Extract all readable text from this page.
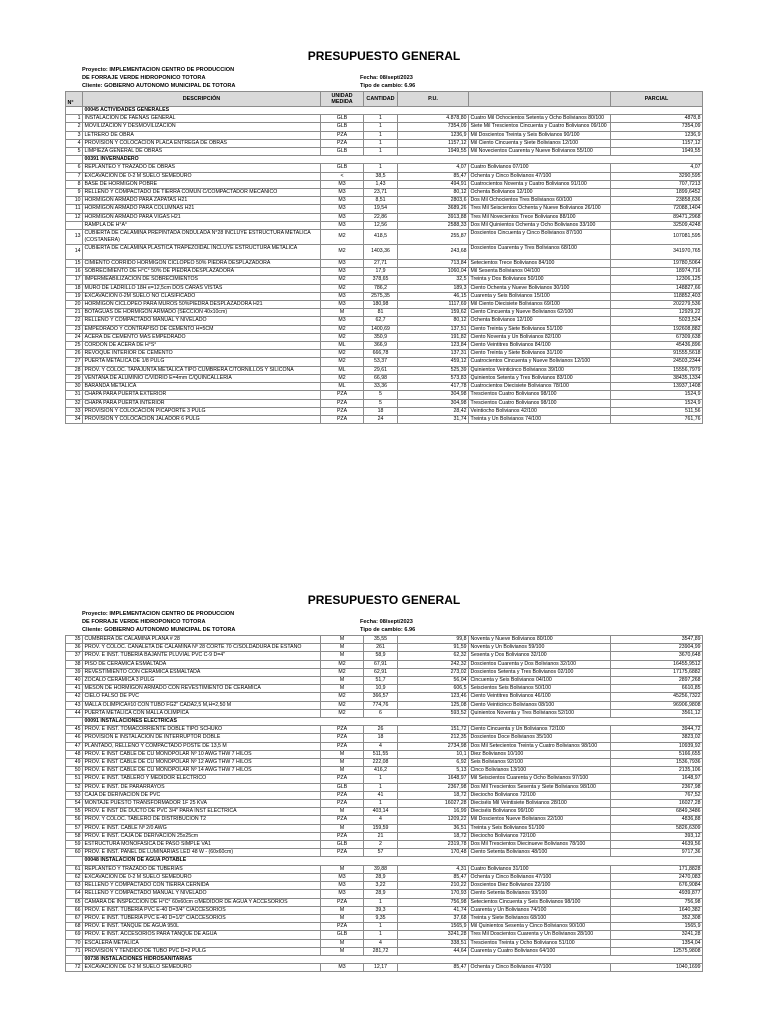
PRESUPUESTO GENERAL
Proyecto: IMPLEMENTACION CENTRO DE PRODUCCION
DE FORRAJE VERDE HIDROPONICO TOTORA
Cliente: GOBIERNO AUTONOMO MUNICIPAL DE TOTORA
Fecha: 08/sept/2023
Tipo de cambio: 6.96
N°	DESCRIPCIÓN	UNIDAD MEDIDA	CANTIDAD	P.U.		PARCIAL
	00045 ACTIVIDADES GENERALES					
1	INSTALACION DE FAENAS GENERAL	GLB	1	4.878,80	Cuatro Mil Ochocientos Setenta y Ocho Bolivianos 80/100	4878,8
2	MOVILIZACION Y DESMOVILIZACION	GLB	1	7354,09	Siete Mil Trescientos Cincuenta y Cuatro Bolivianos 09/100	7354,09
3	LETRERO DE OBRA	PZA	1	1236,9	Mil Doscientos Treinta y Seis Bolivianos 90/100	1236,9
4	PROVISION Y COLOCACION PLACA ENTREGA DE OBRAS	PZA	1	1157,12	Mil Ciento Cincuenta y Siete Bolivianos 12/100	1157,12
5	LIMPIEZA GENERAL DE OBRAS	GLB	1	1949,55	Mil Novecientos Cuarenta y Nueve Bolivianos 55/100	1949,55
	00391 INVERNADERO					
6	REPLANTEO Y TRAZADO DE OBRAS	GLB	1	4,07	Cuatro Bolivianos 07/100	4,07
7	EXCAVACION DE 0-2 M SUELO SEMEDURO	<	38,5	85,47	Ochenta y Cinco Bolivianos 47/100	3290,595
8	BASE DE HORMIGON POBRE	M3	1,43	494,91	Cuatrocientos Noventa y Cuatro Bolivianos 91/100	707,7213
9	RELLENO Y COMPACTADO DE TIERRA COMUN C/COMPACTADOR MECANICO	M3	23,71	80,12	Ochenta Bolivianos 12/100	1899,6452
10	HORMIGON ARMADO PARA ZAPATAS H21	M3	8,51	2803,6	Dos Mil Ochocientos Tres Bolivianos 60/100	23858,636
11	HORMIGON ARMADO PARA COLUMNAS H21	M3	19,54	3689,26	Tres Mil Seiscientos Ochenta y Nueve Bolivianos 26/100	72088,1404
12	HORMIGON ARMADO PARA VIGAS H21	M3	22,86	3913,88	Tres Mil Novecientos Trece Bolivianos 88/100	89471,2968
	RAMPLA DE H°A°	M3	12,56	2588,33	Dos Mil Quinientos Ochenta y Ocho Bolivianos 33/100	32509,4248
13	CUBIERTA DE CALAMINA PREPINTADA ONDULADA N°28 INCLUYE ESTRUCTURA METALICA (COSTANERA)	M2	418,5	255,87	Doscientos Cincuenta y Cinco Bolivianos 87/100	107081,595
14	CUBIERTA DE CALAMINA PLASTICA TRAPEZOIDAL INCLUYE ESTRUCTURA METALICA	M2	1403,36	243,68	Doscientos Cuarenta y Tres Bolivianos 68/100	341970,765
15	CIMIENTO CORRIDO HORMIGON CICLOPEO 50% PIEDRA DESPLAZADORA	M3	27,71	713,84	Setecientos Trece Bolivianos 84/100	19780,5064
16	SOBRECIMIENTO DE H°C° 50% DE PIEDRA DESPLAZADORA	M3	17,9	1060,04	Mil Sesenta Bolivianos 04/100	18974,716
17	IMPERMEABILIZACION DE SOBRECIMIENTOS	M2	378,65	32,5	Treinta y Dos Bolivianos 50/100	12306,125
18	MURO DE LADRILLO 18H e=12,5cm DOS CARAS VISTAS	M2	786,2	189,3	Ciento Ochenta y Nueve Bolivianos 30/100	148827,66
19	EXCAVACION 0-2M SUELO NO CLASIFICADO	M3	2575,35	46,15	Cuarenta y Seis Bolivianos 15/100	118852,403
20	HORMIGON CICLOPEO PARA MUROS 50%PIEDRA DESPLAZADORA H21	M3	180,98	1117,69	Mil Ciento Diecisiete Bolivianos 69/100	202279,536
21	BOTAGUAS DE HORMIGON ARMADO (SECCION 40x10cm)	M	81	159,62	Ciento Cincuenta y Nueve Bolivianos 62/100	12929,22
22	RELLENO Y COMPACTADO MANUAL Y NIVELADO	M3	62,7	80,12	Ochenta Bolivianos 12/100	5023,524
23	EMPEDRADO Y CONTRAPISO DE CEMENTO H=5CM	M2	1400,69	137,51	Ciento Treinta y Siete Bolivianos 51/100	192608,882
24	ACERA DE CEMENTO MAS EMPEDRADO	M2	350,9	191,82	Ciento Noventa y Un Bolivianos 82/100	67309,638
25	CORDON DE ACERA DE H°S°	ML	366,9	123,84	Ciento Veintitres Bolivianos 84/100	45436,896
26	REVOQUE INTERIOR DE CEMENTO	M2	666,78	137,31	Ciento Treinta y Siete Bolivianos 31/100	91555,5618
27	PUERTA METALICA DE 1/8 PULG	M2	53,37	459,12	Cuatrocientos Cincuenta y Nueve Bolivianos 12/100	24503,2344
28	PROV. Y COLOC. TAPAJUNTA METALICA TIPO CUMBRERA C/TORNILLOS Y SILICONA	ML	29,61	525,39	Quinientos Veinticinco Bolivianos 39/100	15556,7979
29	VENTANA DE ALUMINIO C/VIDRIO E=4mm C/QUINCALLERIA	M2	66,98	573,83	Quinientos Setenta y Tres Bolivianos 83/100	38435,1334
30	BARANDA METALICA	ML	33,36	417,78	Cuatrocientos Diecisiete Bolivianos 78/100	13937,1408
31	CHAPA PARA PUERTA EXTERIOR	PZA	5	304,98	Trescientos Cuatro Bolivianos 98/100	1524,9
32	CHAPA PARA PUERTA INTERIOR	PZA	5	304,98	Trescientos Cuatro Bolivianos 98/100	1524,9
33	PROVISION Y COLOCACION PICAPORTE 3 PULG	PZA	18	28,42	Veintiocho Bolivianos 42/100	511,56
34	PROVISION Y COLOCACION JALADOR 6 PULG	PZA	24	31,74	Treinta y Un Bolivianos 74/100	761,76
PRESUPUESTO GENERAL
Proyecto: IMPLEMENTACION CENTRO DE PRODUCCION
DE FORRAJE VERDE HIDROPONICO TOTORA
Cliente: GOBIERNO AUTONOMO MUNICIPAL DE TOTORA
Fecha: 08/sept/2023
Tipo de cambio: 6.96
35	CUMBRERA DE CALAMINA PLANA # 28	M	35,55	99,8	Noventa y Nueve Bolivianos 80/100	3547,89
36	PROV. Y COLOC. CANALETA DE CALAMINA Nº 28 CORTE 70 C/SOLDADURA DE ESTAÑO	M	261	91,59	Noventa y Un Bolivianos 59/100	23904,99
37	PROV. E INST. TUBERIA BAJANTE PLUVIAL PVC C-9 D=4"	M	58,9	62,32	Sesenta y Dos Bolivianos 32/100	3670,648
38	PISO DE CERAMICA ESMALTADA	M2	67,91	242,32	Doscientos Cuarenta y Dos Bolivianos 32/100	16455,9512
39	REVESTIMIENTO CON CERAMICA ESMALTADA	M2	62,91	273,02	Doscientos Setenta y Tres Bolivianos 02/100	17175,6882
40	ZOCALO CERAMICA 3 PULG	M	51,7	56,04	Cincuenta y Seis Bolivianos 04/100	2897,268
41	MESON DE HORMIGON ARMADO CON REVESTIMIENTO DE CERAMICA	M	10,9	606,5	Seiscientos Seis Bolivianos 50/100	6610,85
42	CIELO FALSO DE PVC	M2	366,57	123,46	Ciento Veintitres Bolivianos 46/100	45256,7322
43	MALLA OLIMPICA#10 CON TUBO FG2" CADA2,5 M,H=2,50 M	M2	774,76	125,08	Ciento Veinticinco Bolivianos 08/100	96906,9808
44	PUERTA METALICA CON MALLA OLIMPICA	M2	6	593,52	Quinientos Noventa y Tres Bolivianos 52/100	3561,12
	00091 INSTALACIONES ELECTRICAS					
45	PROV. E INST. TOMACORRIENTE DOBLE TIPO SCHUKO	PZA	26	151,72	Ciento Cincuenta y Un Bolivianos 72/100	3944,72
46	PROVISION E INSTALACION DE INTERRUPTOR DOBLE	PZA	18	212,35	Doscientos Doce Bolivianos 35/100	3823,02
47	PLANTADO, RELLENO Y COMPACTADO POSTE DE 13,5 M	PZA	4	2734,98	Dos Mil Setecientos Treinta y Cuatro Bolivianos 98/100	10939,92
48	PROV. E INST CABLE DE CU MONOPOLAR Nº 10 AWG THW 7 HILOS	M	511,55	10,1	Diez Bolivianos 10/100	5166,655
49	PROV. E INST CABLE DE CU MONOPOLAR Nº 12 AWG THW 7 HILOS	M	222,08	6,92	Seis Bolivianos 92/100	1536,7936
50	PROV. E INST CABLE DE CU MONOPOLAR Nº 14 AWG THW 7 HILOS	M	416,2	5,13	Cinco Bolivianos 13/100	2135,106
51	PROV. E INST. TABLERO Y MEDIDOR ELECTRICO	PZA	1	1648,97	Mil Seiscientos Cuarenta y Ocho Bolivianos 97/100	1648,97
52	PROV. E INST. DE PARARRAYOS	GLB	1	2367,98	Dos Mil Trescientos Sesenta y Siete Bolivianos 98/100	2367,98
53	CAJA DE DERIVACION DE PVC	PZA	41	18,72	Dieciocho Bolivianos 72/100	767,52
54	MONTAJE PUESTO TRANSFORMADOR 1F 25 KVA	PZA	1	16027,28	Dieciséis Mil Veintisiete Bolivianos 28/100	16027,28
55	PROV. E INST DE DUCTO DE PVC 3/4" PARA INST ELECTRICA	M	403,14	16,99	Dieciséis Bolivianos 99/100	6849,3486
56	PROV. Y COLOC. TABLERO DE DISTRIBUCION T2	PZA	4	1209,22	Mil Doscientos Nueve Bolivianos 22/100	4836,88
57	PROV. E INST. CABLE Nº 2/0 AWG	M	159,59	36,51	Treinta y Seis Bolivianos 51/100	5826,6309
58	PROV. E INST. CAJA DE DERIVACION 25x25cm	PZA	21	18,72	Dieciocho Bolivianos 72/100	393,12
59	ESTRUCTURA MONOFASICA DE PASO SIMPLE VA1	GLB	2	2319,78	Dos Mil Trescientos Diecinueve Bolivianos 78/100	4639,56
60	PROV. E INST. PANEL DE LUMINARIAS LED 48 W - (60x60cm)	PZA	57	170,48	Ciento Setenta Bolivianos 48/100	9717,36
	00048 INSTALACION DE AGUA POTABLE					
61	REPLANTEO Y TRAZADO DE TUBERIAS	M	39,88	4,31	Cuatro Bolivianos 31/100	171,8828
62	EXCAVACION DE 0-2 M SUELO SEMEDURO	M3	28,9	85,47	Ochenta y Cinco Bolivianos 47/100	2470,083
63	RELLENO Y COMPACTADO CON TIERRA CERNIDA	M3	3,22	210,22	Doscientos Diez Bolivianos 22/100	676,9084
64	RELLENO Y COMPACTADO MANUAL Y NIVELADO	M3	28,9	170,93	Ciento Setenta Bolivianos 93/100	4939,877
65	CAMARA DE INSPECCION DE H°C° 60x60cm c/MEDIDOR DE AGUA Y ACCESORIOS	PZA	1	756,98	Setecientos Cincuenta y Seis Bolivianos 98/100	756,98
66	PROV. E INST. TUBERIA PVC E-40 D=3/4" C/ACCESORIOS	M	39,3	41,74	Cuarenta y Un Bolivianos 74/100	1640,382
67	PROV. E INST. TUBERIA PVC E-40 D=1/2" C/ACCESORIOS	M	9,35	37,68	Treinta y Siete Bolivianos 68/100	352,308
68	PROV. E INST. TANQUE DE AGUA 950L	PZA	1	1565,9	Mil Quinientos Sesenta y Cinco Bolivianos 90/100	1565,9
69	PROV. E INST. ACCESORIOS PARA TANQUE DE AGUA	GLB	1	3241,28	Tres Mil Doscientos Cuarenta y Un Bolivianos 28/100	3241,28
70	ESCALERA METALICA	M	4	338,51	Trescientos Treinta y Ocho Bolivianos 51/100	1354,04
71	PROVISION Y TENDIDO DE TUBO PVC D=2 PULG	M	281,72	44,64	Cuarenta y Cuatro Bolivianos 64/100	12575,9808
	00738 INSTALACIONES HIDROSANITARIAS					
72	EXCAVACION DE 0-2 M SUELO SEMEDURO	M3	12,17	85,47	Ochenta y Cinco Bolivianos 47/100	1040,1699
